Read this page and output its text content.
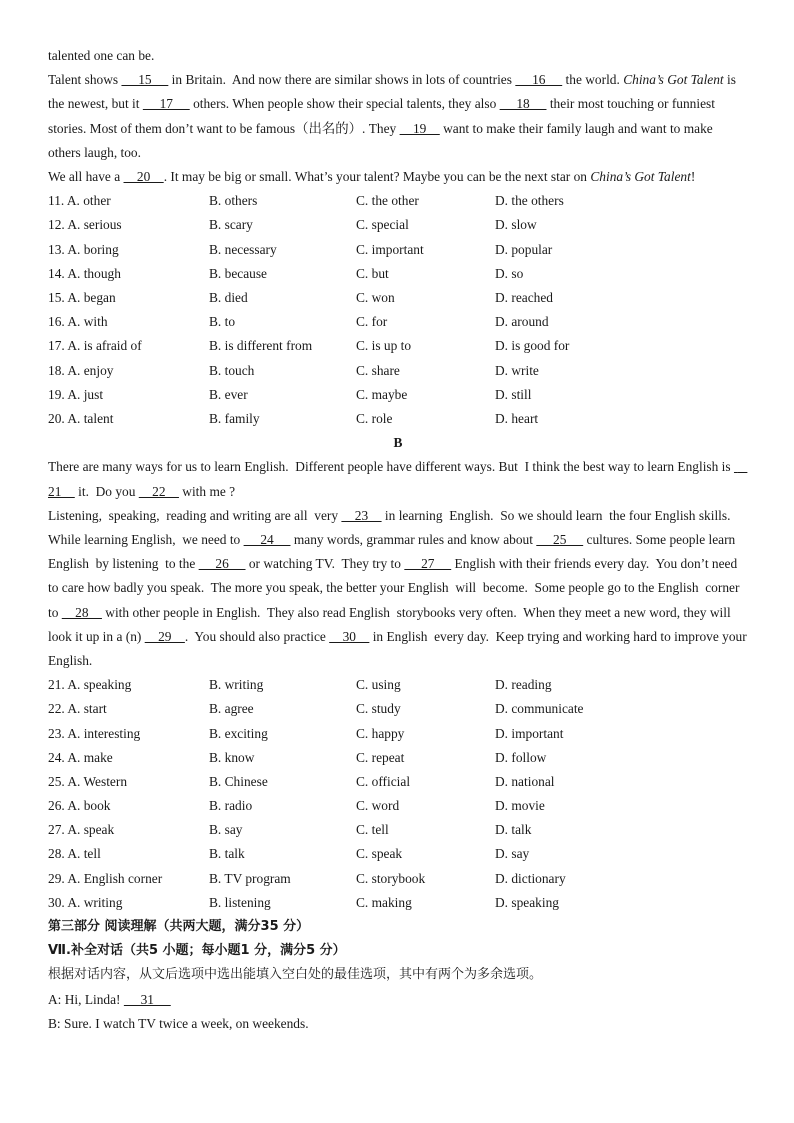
talented one can be.
Talent shows      15      in Britain.  And now there are similar shows in lots of countries      16      the world. China’s Got Talent is the newest, but it      17      others. When people show their special talents, they also      18      their most touching or funniest stories. Most of them don’t want to be famous（出名的）. They     19     want to make their family laugh and want to make others laugh, too.
We all have a     20    . It may be big or small. What’s your talent? Maybe you can be the next star on China’s Got Talent!
11. A. other	B. others	C. the other	D. the others
12. A. serious	B. scary	C. special	D. slow
13. A. boring	B. necessary	C. important	D. popular
14. A. though	B. because	C. but	D. so
15. A. began	B. died	C. won	D. reached
16. A. with	B. to	C. for	D. around
17. A. is afraid of	B. is different from	C. is up to	D. is good for
18. A. enjoy	B. touch	C. share	D. write
19. A. just	B. ever	C. maybe	D. still
20. A. talent	B. family	C. role	D. heart
B
There are many ways for us to learn English.  Different people have different ways. But  I think the best way to learn English is     21     it.  Do you     22     with me ?
Listening,  speaking,  reading and writing are all  very     23     in learning  English.  So we should learn  the four English skills.  While learning English,  we need to      24      many words, grammar rules and know about      25      cultures. Some people learn English  by listening  to the      26      or watching TV.  They try to      27      English with their friends every day.  You don’t need to care how badly you speak.  The more you speak, the better your English  will  become.  Some people go to the English  corner to     28     with other people in English.  They also read English  storybooks very often.  When they meet a new word, they will  look it up in a (n)     29    .  You should also practice     30     in English  every day.  Keep trying and working hard to improve your English.
21. A. speaking	B. writing	C. using	D. reading
22. A. start	B. agree	C. study	D. communicate
23. A. interesting	B. exciting	C. happy	D. important
24. A. make	B. know	C. repeat	D. follow
25. A. Western	B. Chinese	C. official	D. national
26. A. book	B. radio	C. word	D. movie
27. A. speak	B. say	C. tell	D. talk
28. A. tell	B. talk	C. speak	D. say
29. A. English corner	B. TV program	C. storybook	D. dictionary
30. A. writing	B. listening	C. making	D. speaking
第三部分 阅读理解（共两大题，满分35 分）
Ⅶ.补全对话（共5 小题；每小题1 分，满分5 分）
根据对话内容，从文后选项中选出能填入空白处的最佳选项，其中有两个为多余选项。
A: Hi, Linda!      31
B: Sure. I watch TV twice a week, on weekends.
